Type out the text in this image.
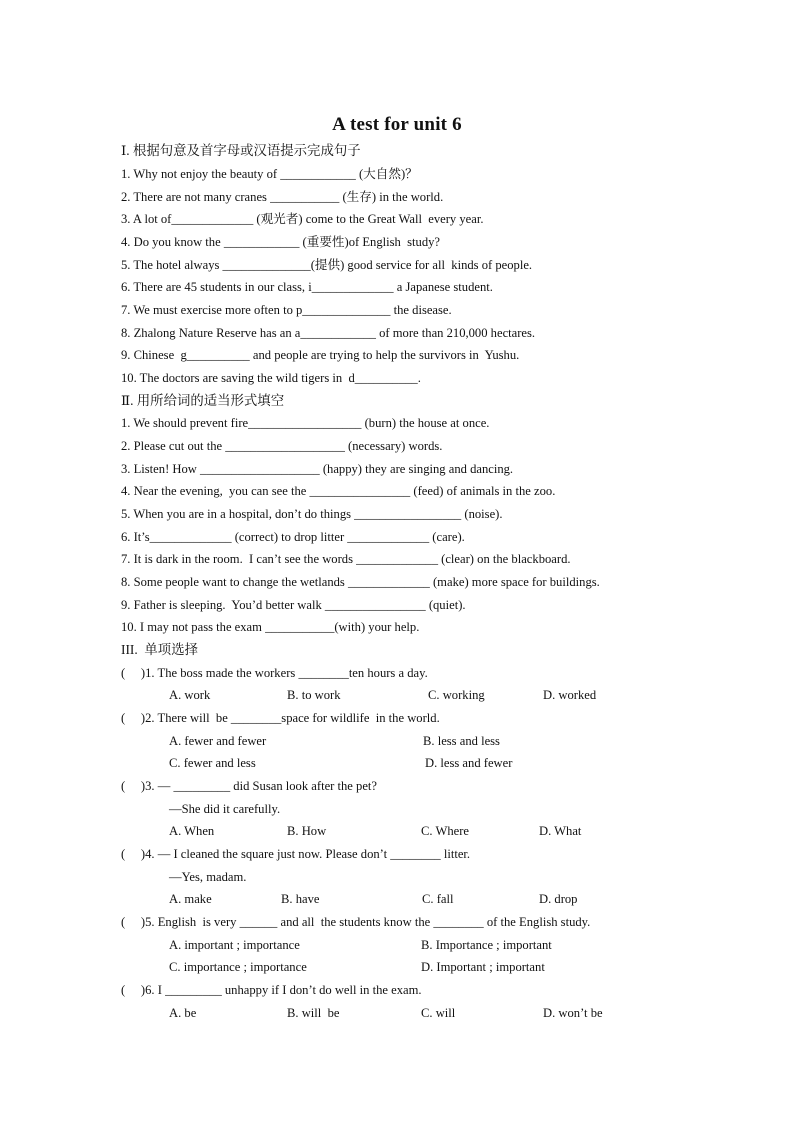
A test for unit 6
Ⅰ. 根据句意及首字母或汉语提示完成句子
1. Why not enjoy the beauty of ____________ (大自然)？
2. There are not many cranes ___________ (生存) in the world.
3. A lot of_____________ (观光者) come to the Great Wall  every year.
4. Do you know the ____________ (重要性)of English  study?
5. The hotel always ______________(提供) good service for all  kinds of people.
6. There are 45 students in our class, i_____________ a Japanese student.
7. We must exercise more often to p______________ the disease.
8. Zhalong Nature Reserve has an a____________ of more than 210,000 hectares.
9. Chinese  g__________ and people are trying to help the survivors in  Yushu.
10. The doctors are saving the wild tigers in  d__________.
Ⅱ. 用所给词的适当形式填空
1. We should prevent fire__________________ (burn) the house at once.
2. Please cut out the ___________________ (necessary) words.
3. Listen! How ___________________ (happy) they are singing and dancing.
4. Near the evening,  you can see the ________________ (feed) of animals in the zoo.
5. When you are in a hospital, don’t do things _________________ (noise).
6. It’s_____________ (correct) to drop litter _____________ (care).
7. It is dark in the room.  I can’t see the words _____________ (clear) on the blackboard.
8. Some people want to change the wetlands _____________ (make) more space for buildings.
9. Father is sleeping.  You’d better walk ________________ (quiet).
10. I may not pass the exam ___________(with) your help.
III.  单项选择
(     )1. The boss made the workers ________ten hours a day.
A. work	B. to work	C. working	D. worked
(     )2. There will  be ________space for wildlife  in the world.
A. fewer and fewer	B. less and less
C. fewer and less	D. less and fewer
(     )3. — _________ did Susan look after the pet?
—She did it carefully.
A. When	B. How	C. Where	D. What
(     )4. — I cleaned the square just now. Please don’t ________ litter.
—Yes, madam.
A. make	B. have	C. fall	D. drop
(     )5. English  is very ______ and all  the students know the ________ of the English study.
A. important ; importance	B. Importance ; important
C. importance ; importance	D. Important ; important
(     )6. I _________ unhappy if I don’t do well in the exam.
A. be	B. will  be	C. will	D. won’t be
